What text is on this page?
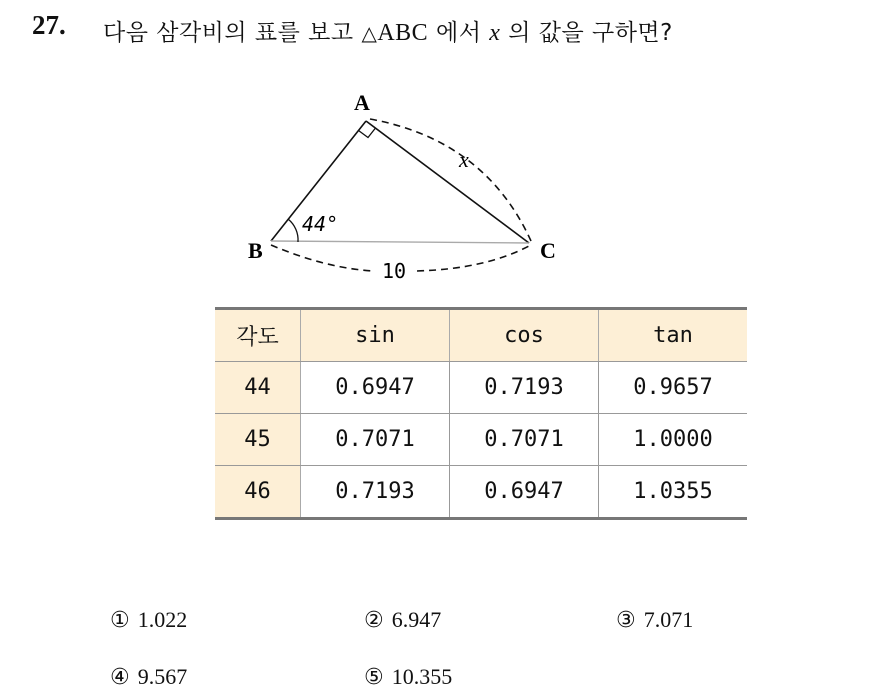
27. 다음 삼각비의 표를 보고 △ABC 에서 x 의 값을 구하면?
A
B	C
44°
x
10
각도	sin	cos	tan
44	0.6947	0.7193	0.9657
45	0.7071	0.7071	1.0000
46	0.7193	0.6947	1.0355
① 1.022	② 6.947	③ 7.071
④ 9.567	⑤ 10.355
